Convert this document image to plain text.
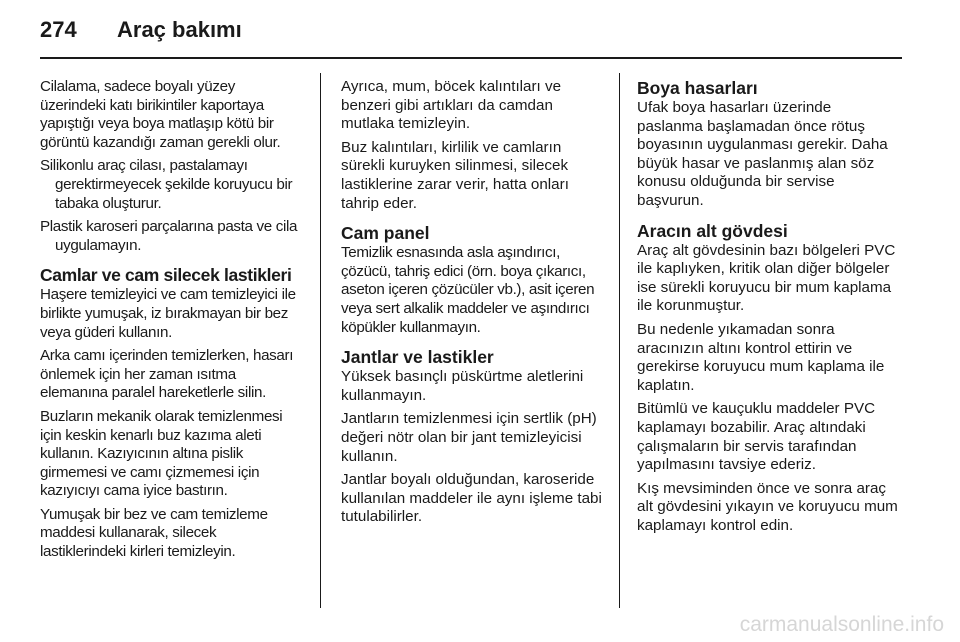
274 Araç bakımı

Cilalama, sadece boyalı yüzey üzerindeki katı birikintiler kaportaya yapıştığı veya boya matlaşıp kötü bir görüntü kazandığı zaman gerekli olur.

Silikonlu araç cilası, pastalamayı gerektirmeyecek şekilde koruyucu bir tabaka oluşturur.

Plastik karoseri parçalarına pasta ve cila uygulamayın.

Camlar ve cam silecek lastikleri

Haşere temizleyici ve cam temizleyici ile birlikte yumuşak, iz bırakmayan bir bez veya güderi kullanın.

Arka camı içerinden temizlerken, hasarı önlemek için her zaman ısıtma elemanına paralel hareketlerle silin.

Buzların mekanik olarak temizlenmesi için keskin kenarlı buz kazıma aleti kullanın. Kazıyıcının altına pislik girmemesi ve camı çizmemesi için kazıyıcıyı cama iyice bastırın.

Yumuşak bir bez ve cam temizleme maddesi kullanarak, silecek lastiklerindeki kirleri temizleyin.

Ayrıca, mum, böcek kalıntıları ve benzeri gibi artıkları da camdan mutlaka temizleyin.

Buz kalıntıları, kirlilik ve camların sürekli kuruyken silinmesi, silecek lastiklerine zarar verir, hatta onları tahrip eder.

Cam panel

Temizlik esnasında asla aşındırıcı, çözücü, tahriş edici (örn. boya çıkarıcı, aseton içeren çözücüler vb.), asit içeren veya sert alkalik maddeler ve aşındırıcı köpükler kullanmayın.

Jantlar ve lastikler

Yüksek basınçlı püskürtme aletlerini kullanmayın.

Jantların temizlenmesi için sertlik (pH) değeri nötr olan bir jant temizleyicisi kullanın.

Jantlar boyalı olduğundan, karoseride kullanılan maddeler ile aynı işleme tabi tutulabilirler.

Boya hasarları

Ufak boya hasarları üzerinde paslanma başlamadan önce rötuş boyasının uygulanması gerekir. Daha büyük hasar ve paslanmış alan söz konusu olduğunda bir servise başvurun.

Aracın alt gövdesi

Araç alt gövdesinin bazı bölgeleri PVC ile kaplıyken, kritik olan diğer bölgeler ise sürekli koruyucu bir mum kaplama ile korunmuştur.

Bu nedenle yıkamadan sonra aracınızın altını kontrol ettirin ve gerekirse koruyucu mum kaplama ile kaplatın.

Bitümlü ve kauçuklu maddeler PVC kaplamayı bozabilir. Araç altındaki çalışmaların bir servis tarafından yapılmasını tavsiye ederiz.

Kış mevsiminden önce ve sonra araç alt gövdesini yıkayın ve koruyucu mum kaplamayı kontrol edin.

carmanualsonline.info
